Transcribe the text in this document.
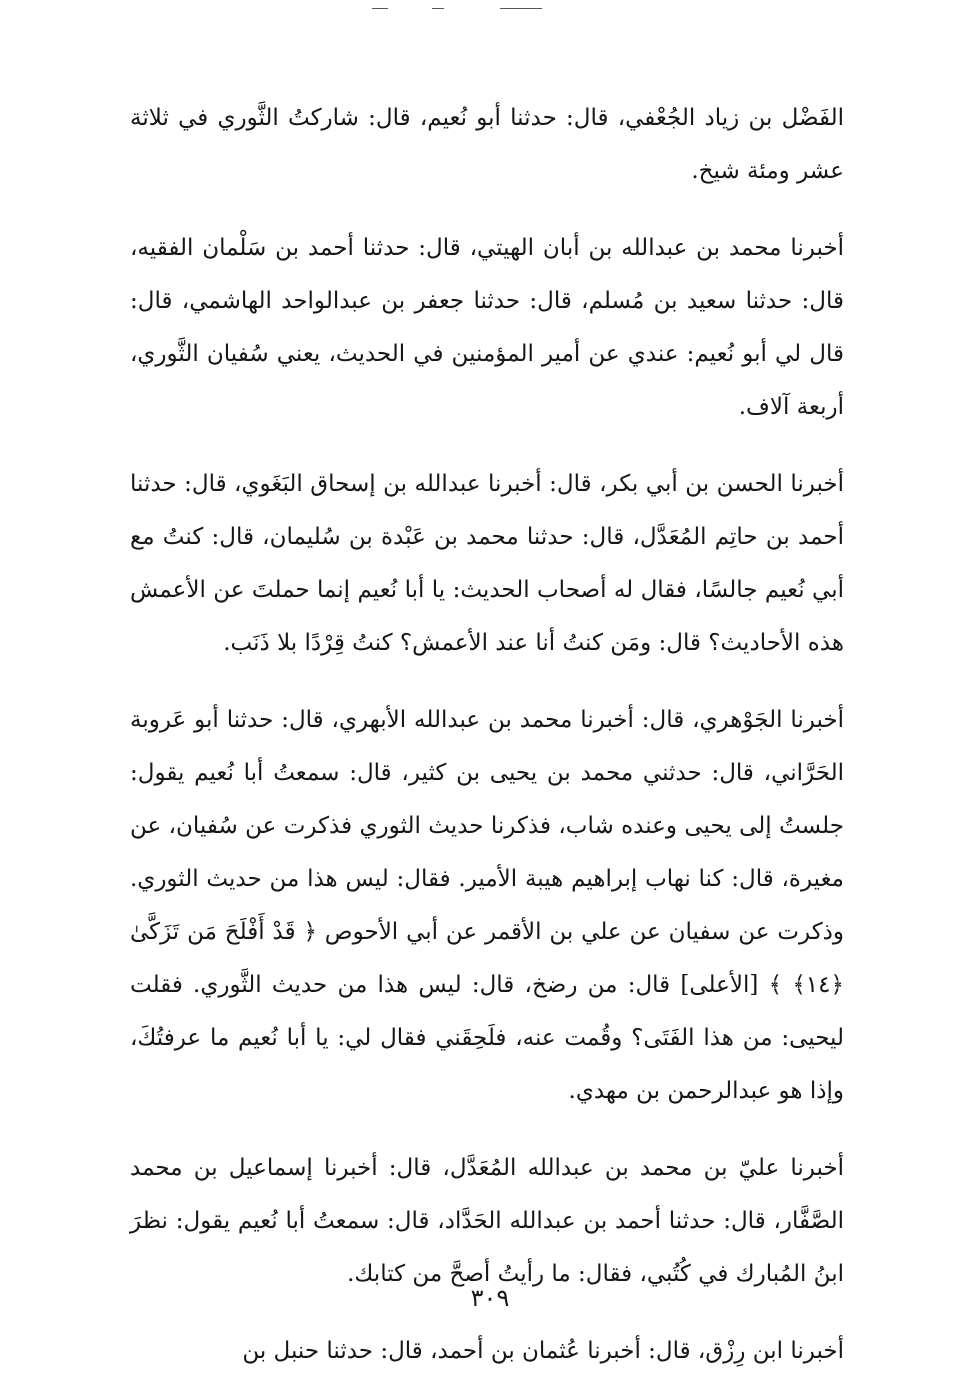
الفَضْل بن زياد الجُعْفي، قال: حدثنا أبو نُعيم، قال: شاركتُ الثَّوري في ثلاثة عشر ومئة شيخ.

أخبرنا محمد بن عبدالله بن أبان الهيتي، قال: حدثنا أحمد بن سَلْمان الفقيه، قال: حدثنا سعيد بن مُسلم، قال: حدثنا جعفر بن عبدالواحد الهاشمي، قال: قال لي أبو نُعيم: عندي عن أمير المؤمنين في الحديث، يعني سُفيان الثَّوري، أربعة آلاف.

أخبرنا الحسن بن أبي بكر، قال: أخبرنا عبدالله بن إسحاق البَغَوي، قال: حدثنا أحمد بن حاتِم المُعَدَّل، قال: حدثنا محمد بن عَبْدة بن سُليمان، قال: كنتُ مع أبي نُعيم جالسًا، فقال له أصحاب الحديث: يا أبا نُعيم إنما حملتَ عن الأعمش هذه الأحاديث؟ قال: ومَن كنتُ أنا عند الأعمش؟ كنتُ قِرْدًا بلا ذَنَب.

أخبرنا الجَوْهري، قال: أخبرنا محمد بن عبدالله الأبهري، قال: حدثنا أبو عَروبة الحَرَّاني، قال: حدثني محمد بن يحيى بن كثير، قال: سمعتُ أبا نُعيم يقول: جلستُ إلى يحيى وعنده شاب، فذكرنا حديث الثوري فذكرت عن سُفيان، عن مغيرة، قال: كنا نهاب إبراهيم هيبة الأمير. فقال: ليس هذا من حديث الثوري. وذكرت عن سفيان عن علي بن الأقمر عن أبي الأحوص ﴿ قَدْ أَفْلَحَ مَن تَزَكَّىٰ ﴿١٤﴾ ﴾ [الأعلى] قال: من رضخ، قال: ليس هذا من حديث الثَّوري. فقلت ليحيى: من هذا الفَتَى؟ وقُمت عنه، فلَحِقَني فقال لي: يا أبا نُعيم ما عرفتُكَ، وإذا هو عبدالرحمن بن مهدي.

أخبرنا عليّ بن محمد بن عبدالله المُعَدَّل، قال: أخبرنا إسماعيل بن محمد الصَّفَّار، قال: حدثنا أحمد بن عبدالله الحَدَّاد، قال: سمعتُ أبا نُعيم يقول: نظرَ ابنُ المُبارك في كُتُبي، فقال: ما رأيتُ أصحَّ من كتابك.

أخبرنا ابن رِزْق، قال: أخبرنا عُثمان بن أحمد، قال: حدثنا حنبل بن

٣٠٩
